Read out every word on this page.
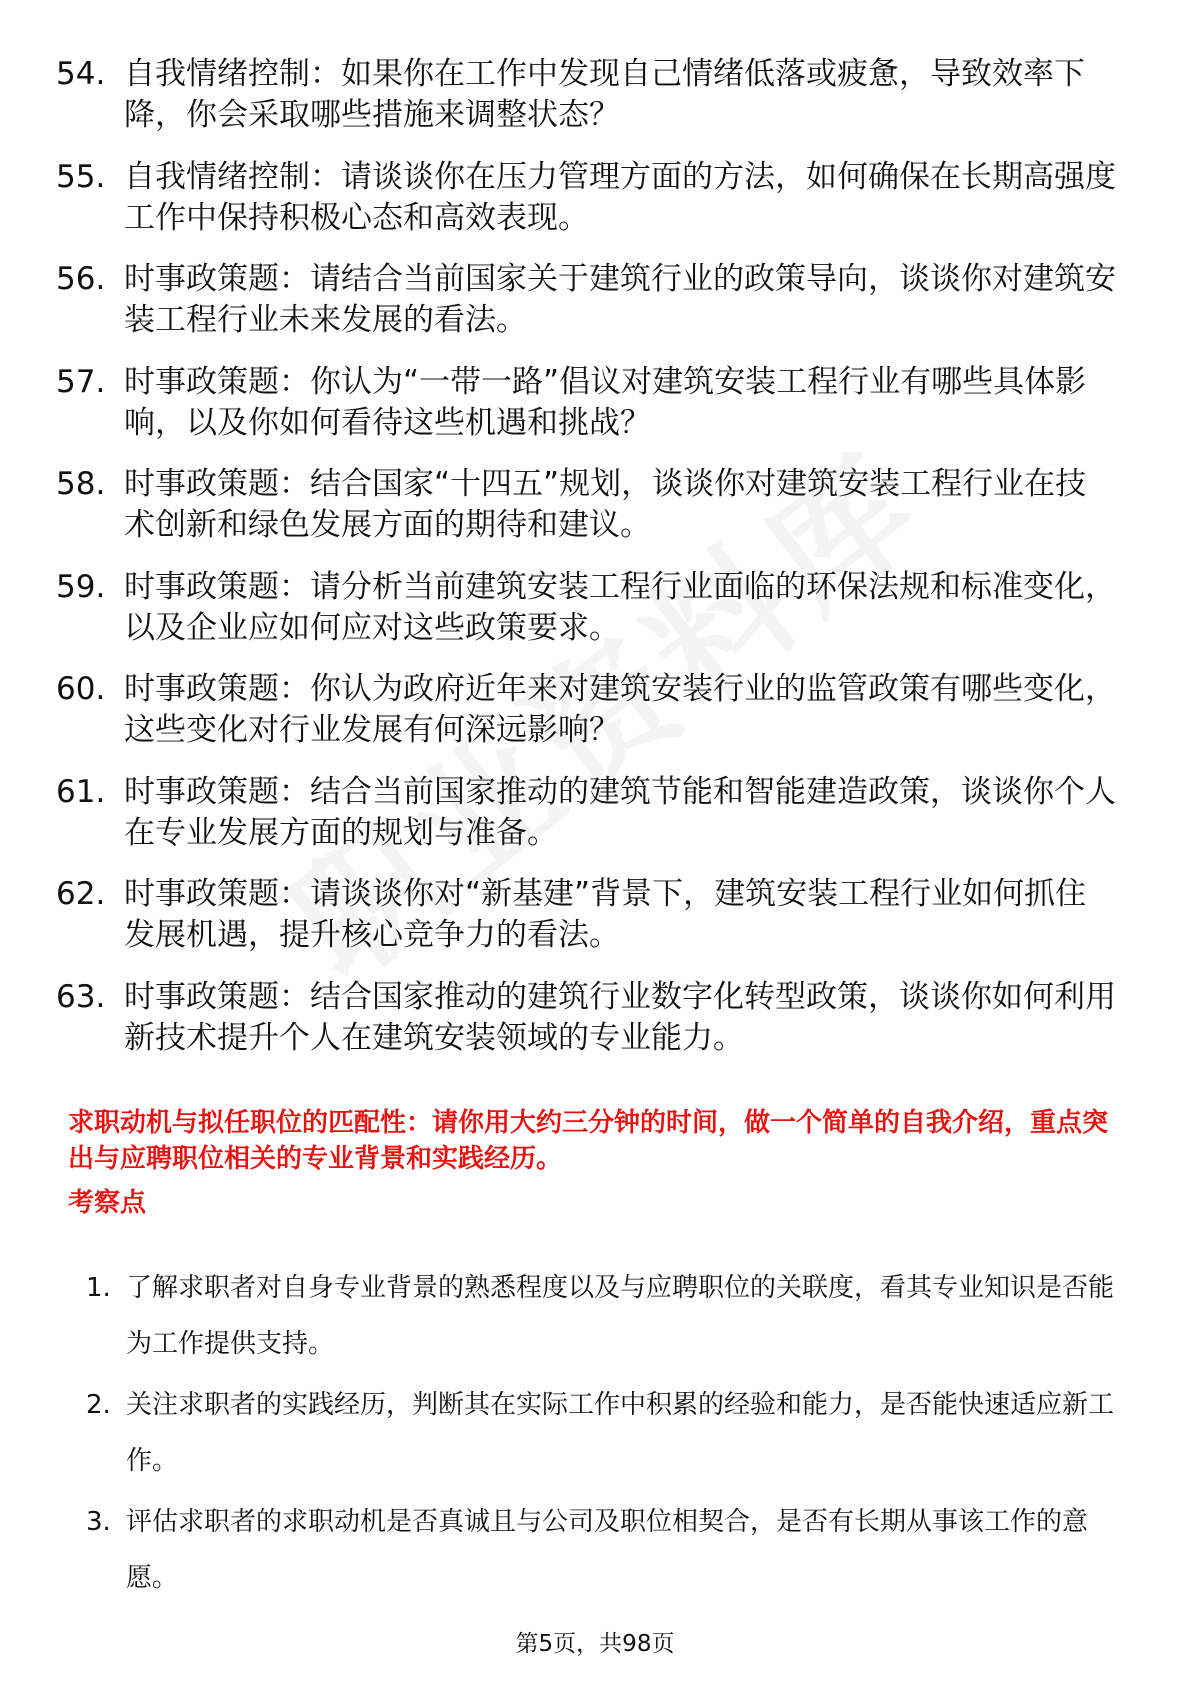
54. 自我情绪控制：如果你在工作中发现自己情绪低落或疲惫，导致效率下降，你会采取哪些措施来调整状态？
55. 自我情绪控制：请谈谈你在压力管理方面的方法，如何确保在长期高强度工作中保持积极心态和高效表现。
56. 时事政策题：请结合当前国家关于建筑行业的政策导向，谈谈你对建筑安装工程行业未来发展的看法。
57. 时事政策题：你认为“一带一路”倡议对建筑安装工程行业有哪些具体影响，以及你如何看待这些机遇和挑战？
58. 时事政策题：结合国家“十四五”规划，谈谈你对建筑安装工程行业在技术创新和绿色发展方面的期待和建议。
59. 时事政策题：请分析当前建筑安装工程行业面临的环保法规和标准变化，以及企业应如何应对这些政策要求。
60. 时事政策题：你认为政府近年来对建筑安装行业的监管政策有哪些变化，这些变化对行业发展有何深远影响？
61. 时事政策题：结合当前国家推动的建筑节能和智能建造政策，谈谈你个人在专业发展方面的规划与准备。
62. 时事政策题：请谈谈你对“新基建”背景下，建筑安装工程行业如何抓住发展机遇，提升核心竞争力的看法。
63. 时事政策题：结合国家推动的建筑行业数字化转型政策，谈谈你如何利用新技术提升个人在建筑安装领域的专业能力。
求职动机与拟任职位的匹配性：请你用大约三分钟的时间，做一个简单的自我介绍，重点突出与应聘职位相关的专业背景和实践经历。
考察点
1. 了解求职者对自身专业背景的熟悉程度以及与应聘职位的关联度，看其专业知识是否能为工作提供支持。
2. 关注求职者的实践经历，判断其在实际工作中积累的经验和能力，是否能快速适应新工作。
3. 评估求职者的求职动机是否真诚且与公司及职位相契合，是否有长期从事该工作的意愿。
第5页，共98页
